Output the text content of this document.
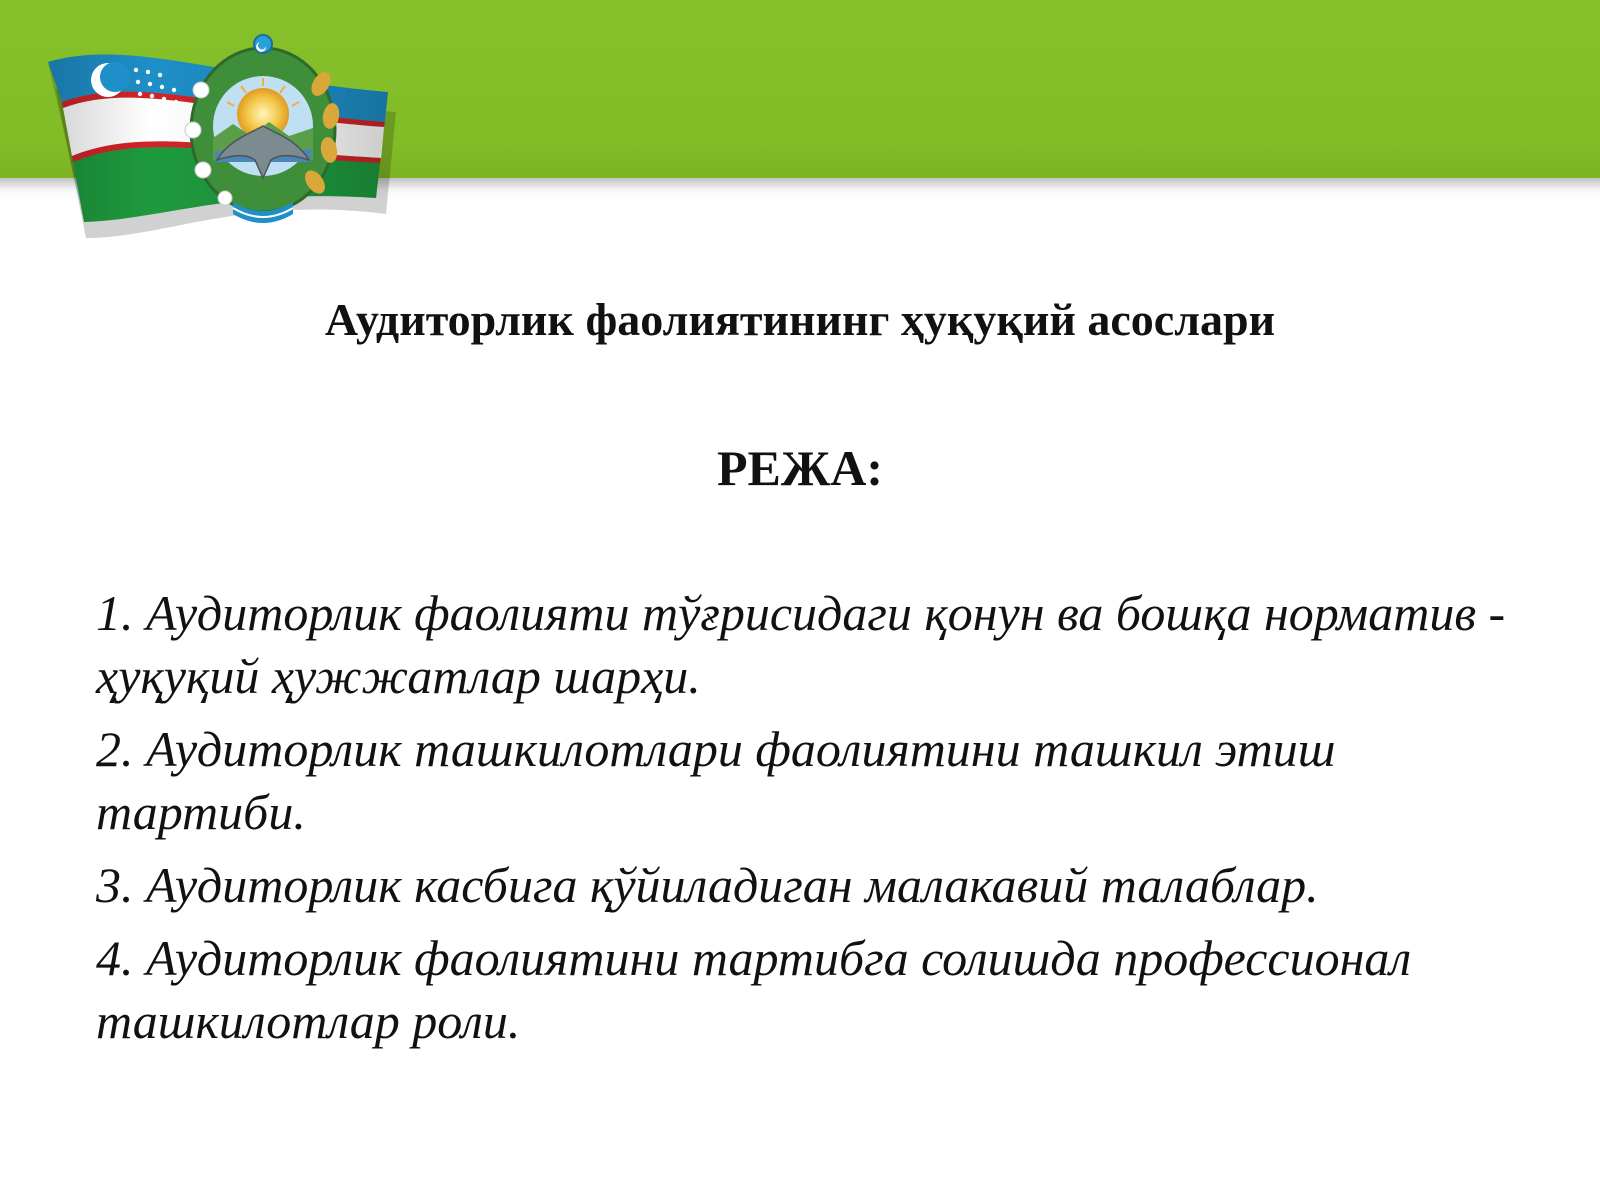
Аудиторлик фаолиятининг ҳуқуқий асослари
РЕЖА:
1. Аудиторлик фаолияти тўғрисидаги қонун ва бошқа норматив - ҳуқуқий ҳужжатлар шарҳи.
2. Аудиторлик ташкилотлари фаолиятини ташкил этиш тартиби.
3. Аудиторлик касбига қўйиладиган малакавий талаблар.
4. Аудиторлик фаолиятини тартибга солишда профессионал ташкилотлар роли.
